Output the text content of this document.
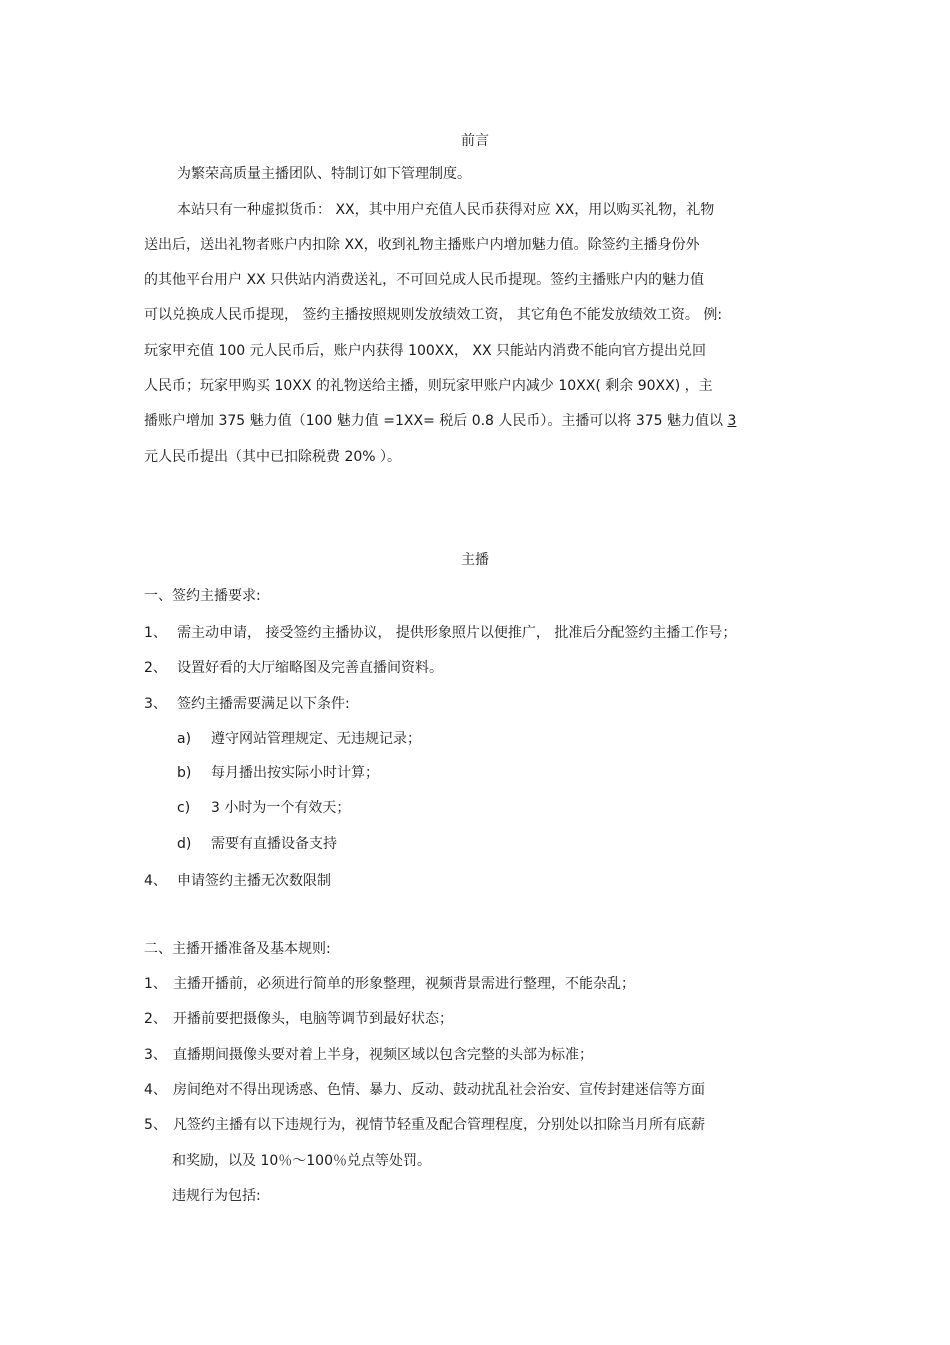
前言
为繁荣高质量主播团队、特制订如下管理制度。
本站只有一种虚拟货币： XX，其中用户充值人民币获得对应 XX，用以购买礼物，礼物
送出后，送出礼物者账户内扣除 XX，收到礼物主播账户内增加魅力值。除签约主播身份外
的其他平台用户 XX 只供站内消费送礼，不可回兑成人民币提现。签约主播账户内的魅力值
可以兑换成人民币提现， 签约主播按照规则发放绩效工资， 其它角色不能发放绩效工资。 例:
玩家甲充值 100 元人民币后，账户内获得 100XX， XX 只能站内消费不能向官方提出兑回
人民币；玩家甲购买 10XX 的礼物送给主播，则玩家甲账户内减少 10XX( 剩余 90XX) ，主
播账户增加 375 魅力值（100 魅力值 =1XX= 税后 0.8 人民币）。主播可以将 375 魅力值以 3
元人民币提出（其中已扣除税费 20% ）。
主播
一、签约主播要求:
1、 需主动申请， 接受签约主播协议， 提供形象照片以便推广， 批准后分配签约主播工作号；
2、 设置好看的大厅缩略图及完善直播间资料。
3、 签约主播需要满足以下条件:
a) 遵守网站管理规定、无违规记录；
b) 每月播出按实际小时计算；
c) 3 小时为一个有效天；
d) 需要有直播设备支持
4、 申请签约主播无次数限制
二、主播开播准备及基本规则:
1、 主播开播前，必须进行简单的形象整理，视频背景需进行整理，不能杂乱；
2、 开播前要把摄像头，电脑等调节到最好状态；
3、 直播期间摄像头要对着上半身，视频区域以包含完整的头部为标准；
4、 房间绝对不得出现诱惑、色情、暴力、反动、鼓动扰乱社会治安、宣传封建迷信等方面
5、 凡签约主播有以下违规行为，视情节轻重及配合管理程度，分别处以扣除当月所有底薪
和奖励，以及 10％～100％兑点等处罚。
违规行为包括:
